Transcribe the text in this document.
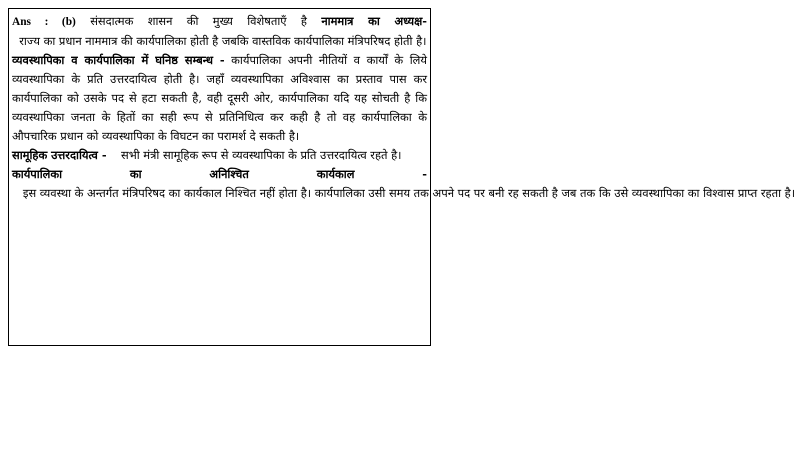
Ans : (b) संसदात्मक शासन की मुख्य विशेषताएँ है नाममात्र का अध्यक्ष-  राज्य का प्रधान नाममात्र की कार्यपालिका होती है जबकि वास्तविक कार्यपालिका मंत्रिपरिषद होती है।

व्यवस्थापिका व कार्यपालिका में घनिष्ठ सम्बन्ध - कार्यपालिका अपनी नीतियों व कार्यों के लिये व्यवस्थापिका के प्रति उत्तरदायित्व होती है। जहाँ व्यवस्थापिका अविश्वास का प्रस्ताव पास कर कार्यपालिका को उसके पद से हटा सकती है, वही दूसरी ओर, कार्यपालिका यदि यह सोचती है कि व्यवस्थापिका जनता के हितों का सही रूप से प्रतिनिधित्व कर कही है तो वह कार्यपालिका के औपचारिक प्रधान को व्यवस्थापिका के विघटन का परामर्श दे सकती है।

सामूहिक उत्तरदायित्व -    सभी मंत्री सामूहिक रूप से व्यवस्थापिका के प्रति उत्तरदायित्व रहते है।

कार्यपालिका का अनिश्चित कार्यकाल -   इस व्यवस्था के अन्तर्गत मंत्रिपरिषद का कार्यकाल निश्चित नहीं होता है। कार्यपालिका उसी समय तक अपने पद पर बनी रह सकती है जब तक कि उसे व्यवस्थापिका का विश्वास प्राप्त रहता है।
